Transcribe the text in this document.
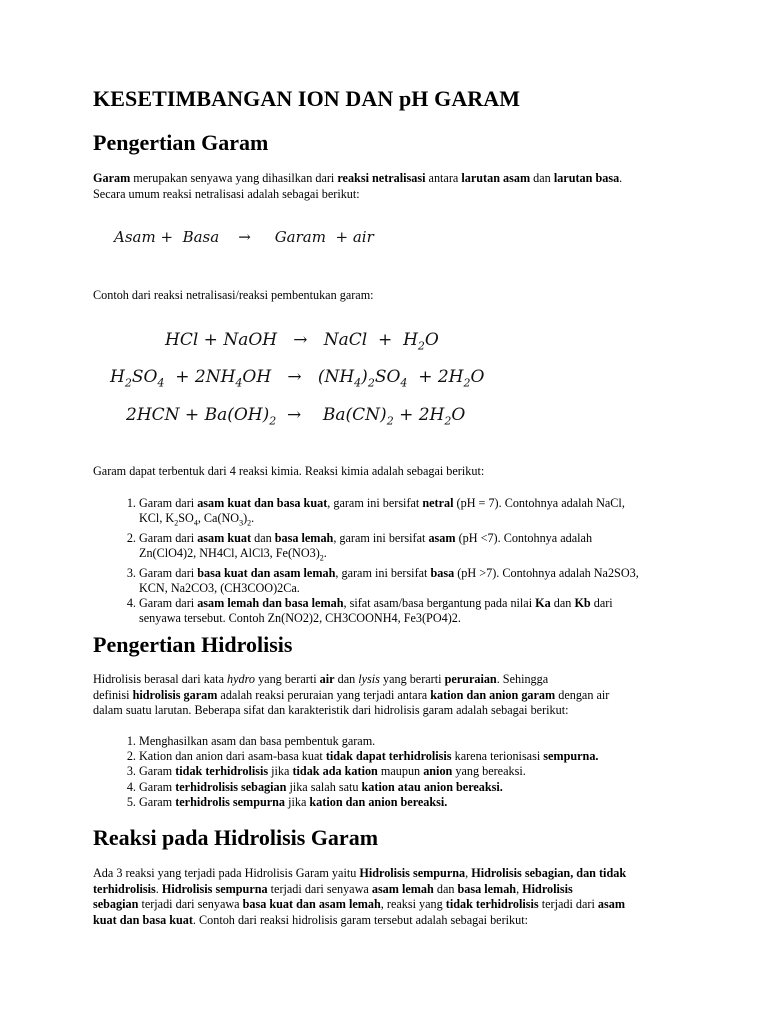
KESETIMBANGAN ION DAN pH GARAM
Pengertian Garam

Garam merupakan senyawa yang dihasilkan dari reaksi netralisasi antara larutan asam dan larutan basa.

Secara umum reaksi netralisasi adalah sebagai berikut:

Asam + Basa → Garam + air

Contoh dari reaksi netralisasi/reaksi pembentukan garam:

HCl + NaOH   →   NaCl  +  $H_2O$
$H_2SO_4 + 2NH_4OH \to (NH_4)_2SO_4 + 2H_2O$
$2HCN + Ba(OH)_2$  →    $Ba(CN)_2 + 2H_2O$

Garam dapat terbentuk dari 4 reaksi kimia. Reaksi kimia adalah sebagai berikut:

1. Garam dari asam kuat dan basa kuat, garam ini bersifat netral (pH = 7). Contohnya adalah NaCl,
KCl, $K_2SO_4$, $Ca(NO_3)_2$.
2. Garam dari asam kuat dan basa lemah, garam ini bersifat asam (pH <7). Contohnya adalah
Zn(ClO4)2, NH4Cl, AlCl3, $Fe(NO3)_2$.
3. Garam dari basa kuat dan asam lemah, garam ini bersifat basa (pH >7). Contohnya adalah Na2SO3,
KCN, Na2CO3, (CH3COO)2Ca.
4. Garam dari asam lemah dan basa lemah, sifat asam/basa bergantung pada nilai Ka dan Kb dari
senyawa tersebut. Contoh Zn(NO2)2, CH3COONH4, Fe3(PO4)2.
Pengertian Hidrolisis

Hidrolisis berasal dari kata hydro yang berarti air dan lysis yang berarti peruraian. Sehingga

definisi hidrolisis garam adalah reaksi peruraian yang terjadi antara kation dan anion garam dengan air

dalam suatu larutan. Beberapa sifat dan karakteristik dari hidrolisis garam adalah sebagai berikut:

1. Menghasilkan asam dan basa pembentuk garam.
2. Kation dan anion dari asam-basa kuat tidak dapat terhidrolisis karena terionisasi sempurna.
3. Garam tidak terhidrolisis jika tidak ada kation maupun anion yang bereaksi.
4. Garam terhidrolisis sebagian jika salah satu kation atau anion bereaksi.
5. Garam terhidrolis sempurna jika kation dan anion bereaksi.
Reaksi pada Hidrolisis Garam

Ada 3 reaksi yang terjadi pada Hidrolisis Garam yaitu Hidrolisis sempurna, Hidrolisis sebagian, dan tidak

terhidrolisis. Hidrolisis sempurna terjadi dari senyawa asam lemah dan basa lemah, Hidrolisis

sebagian terjadi dari senyawa basa kuat dan asam lemah, reaksi yang tidak terhidrolisis terjadi dari asam

kuat dan basa kuat. Contoh dari reaksi hidrolisis garam tersebut adalah sebagai berikut:
